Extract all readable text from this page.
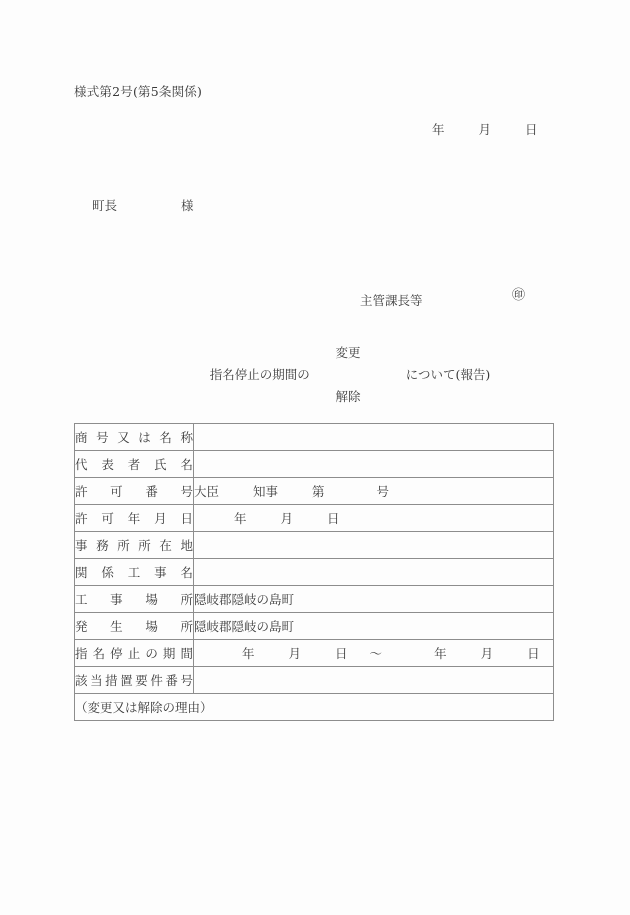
様式第2号(第5条関係)
年	月	日
町長	様
主管課長等	㊞
変更
指名停止の期間の	について(報告)
解除
商号又は名称	
代表者氏名	
許可番号	大臣 知事 第 号
許可年月日	年 月 日
事務所所在地	
関係工事名	
工事場所	隠岐郡隠岐の島町
発生場所	隠岐郡隠岐の島町
指名停止の期間	年 月 日 〜 年 月 日
該当措置要件番号	
（変更又は解除の理由）	
